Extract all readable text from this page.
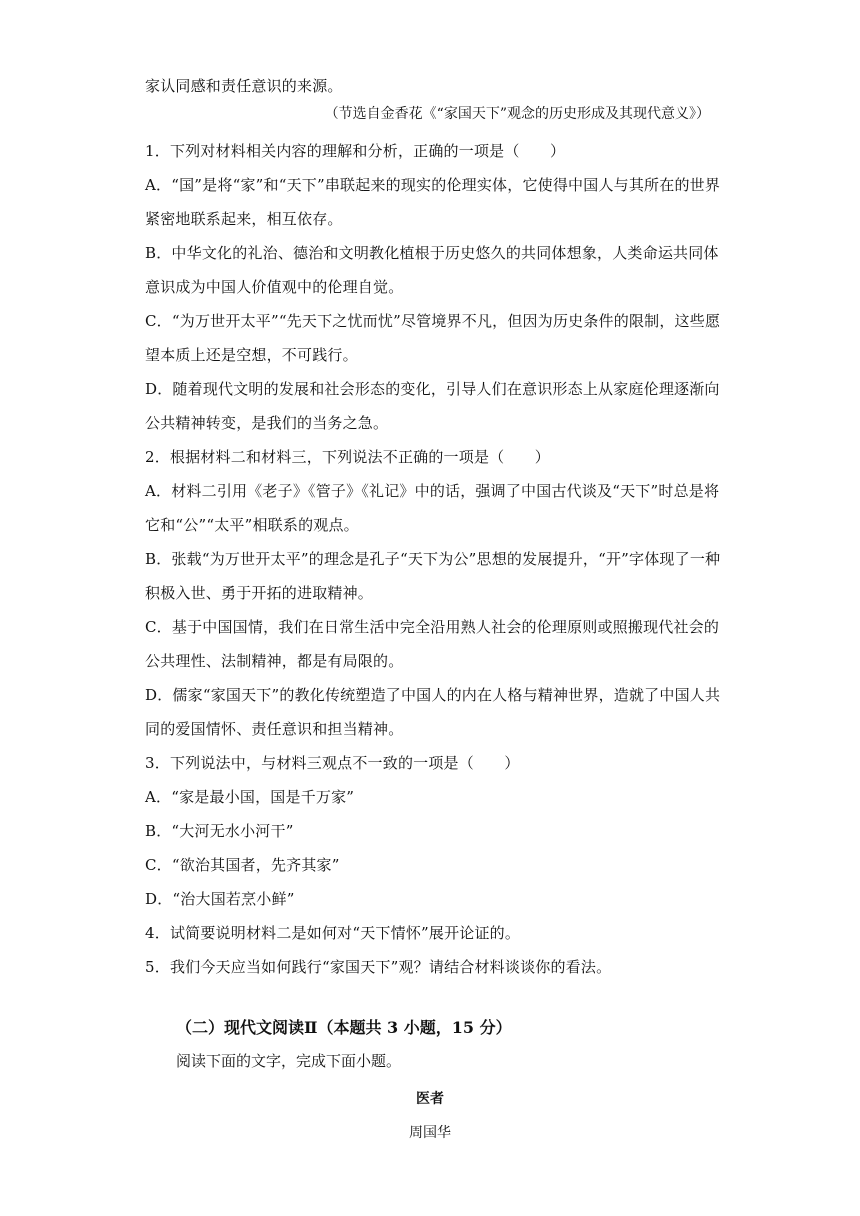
家认同感和责任意识的来源。
（节选自金香花《“家国天下”观念的历史形成及其现代意义》）
1．下列对材料相关内容的理解和分析，正确的一项是（　　）
A．“国”是将“家”和“天下”串联起来的现实的伦理实体，它使得中国人与其所在的世界
紧密地联系起来，相互依存。
B．中华文化的礼治、德治和文明教化植根于历史悠久的共同体想象，人类命运共同体
意识成为中国人价值观中的伦理自觉。
C．“为万世开太平”“先天下之忧而忧”尽管境界不凡，但因为历史条件的限制，这些愿
望本质上还是空想，不可践行。
D．随着现代文明的发展和社会形态的变化，引导人们在意识形态上从家庭伦理逐渐向
公共精神转变，是我们的当务之急。
2．根据材料二和材料三，下列说法不正确的一项是（　　）
A．材料二引用《老子》《管子》《礼记》中的话，强调了中国古代谈及“天下”时总是将
它和“公”“太平”相联系的观点。
B．张载“为万世开太平”的理念是孔子“天下为公”思想的发展提升，“开”字体现了一种
积极入世、勇于开拓的进取精神。
C．基于中国国情，我们在日常生活中完全沿用熟人社会的伦理原则或照搬现代社会的
公共理性、法制精神，都是有局限的。
D．儒家“家国天下”的教化传统塑造了中国人的内在人格与精神世界，造就了中国人共
同的爱国情怀、责任意识和担当精神。
3．下列说法中，与材料三观点不一致的一项是（　　）
A．“家是最小国，国是千万家”
B．“大河无水小河干”
C．“欲治其国者，先齐其家”
D．“治大国若烹小鲜”
4．试简要说明材料二是如何对“天下情怀”展开论证的。
5．我们今天应当如何践行“家国天下”观？请结合材料谈谈你的看法。
（二）现代文阅读Ⅱ（本题共 3 小题，15 分）
阅读下面的文字，完成下面小题。
医者
周国华
